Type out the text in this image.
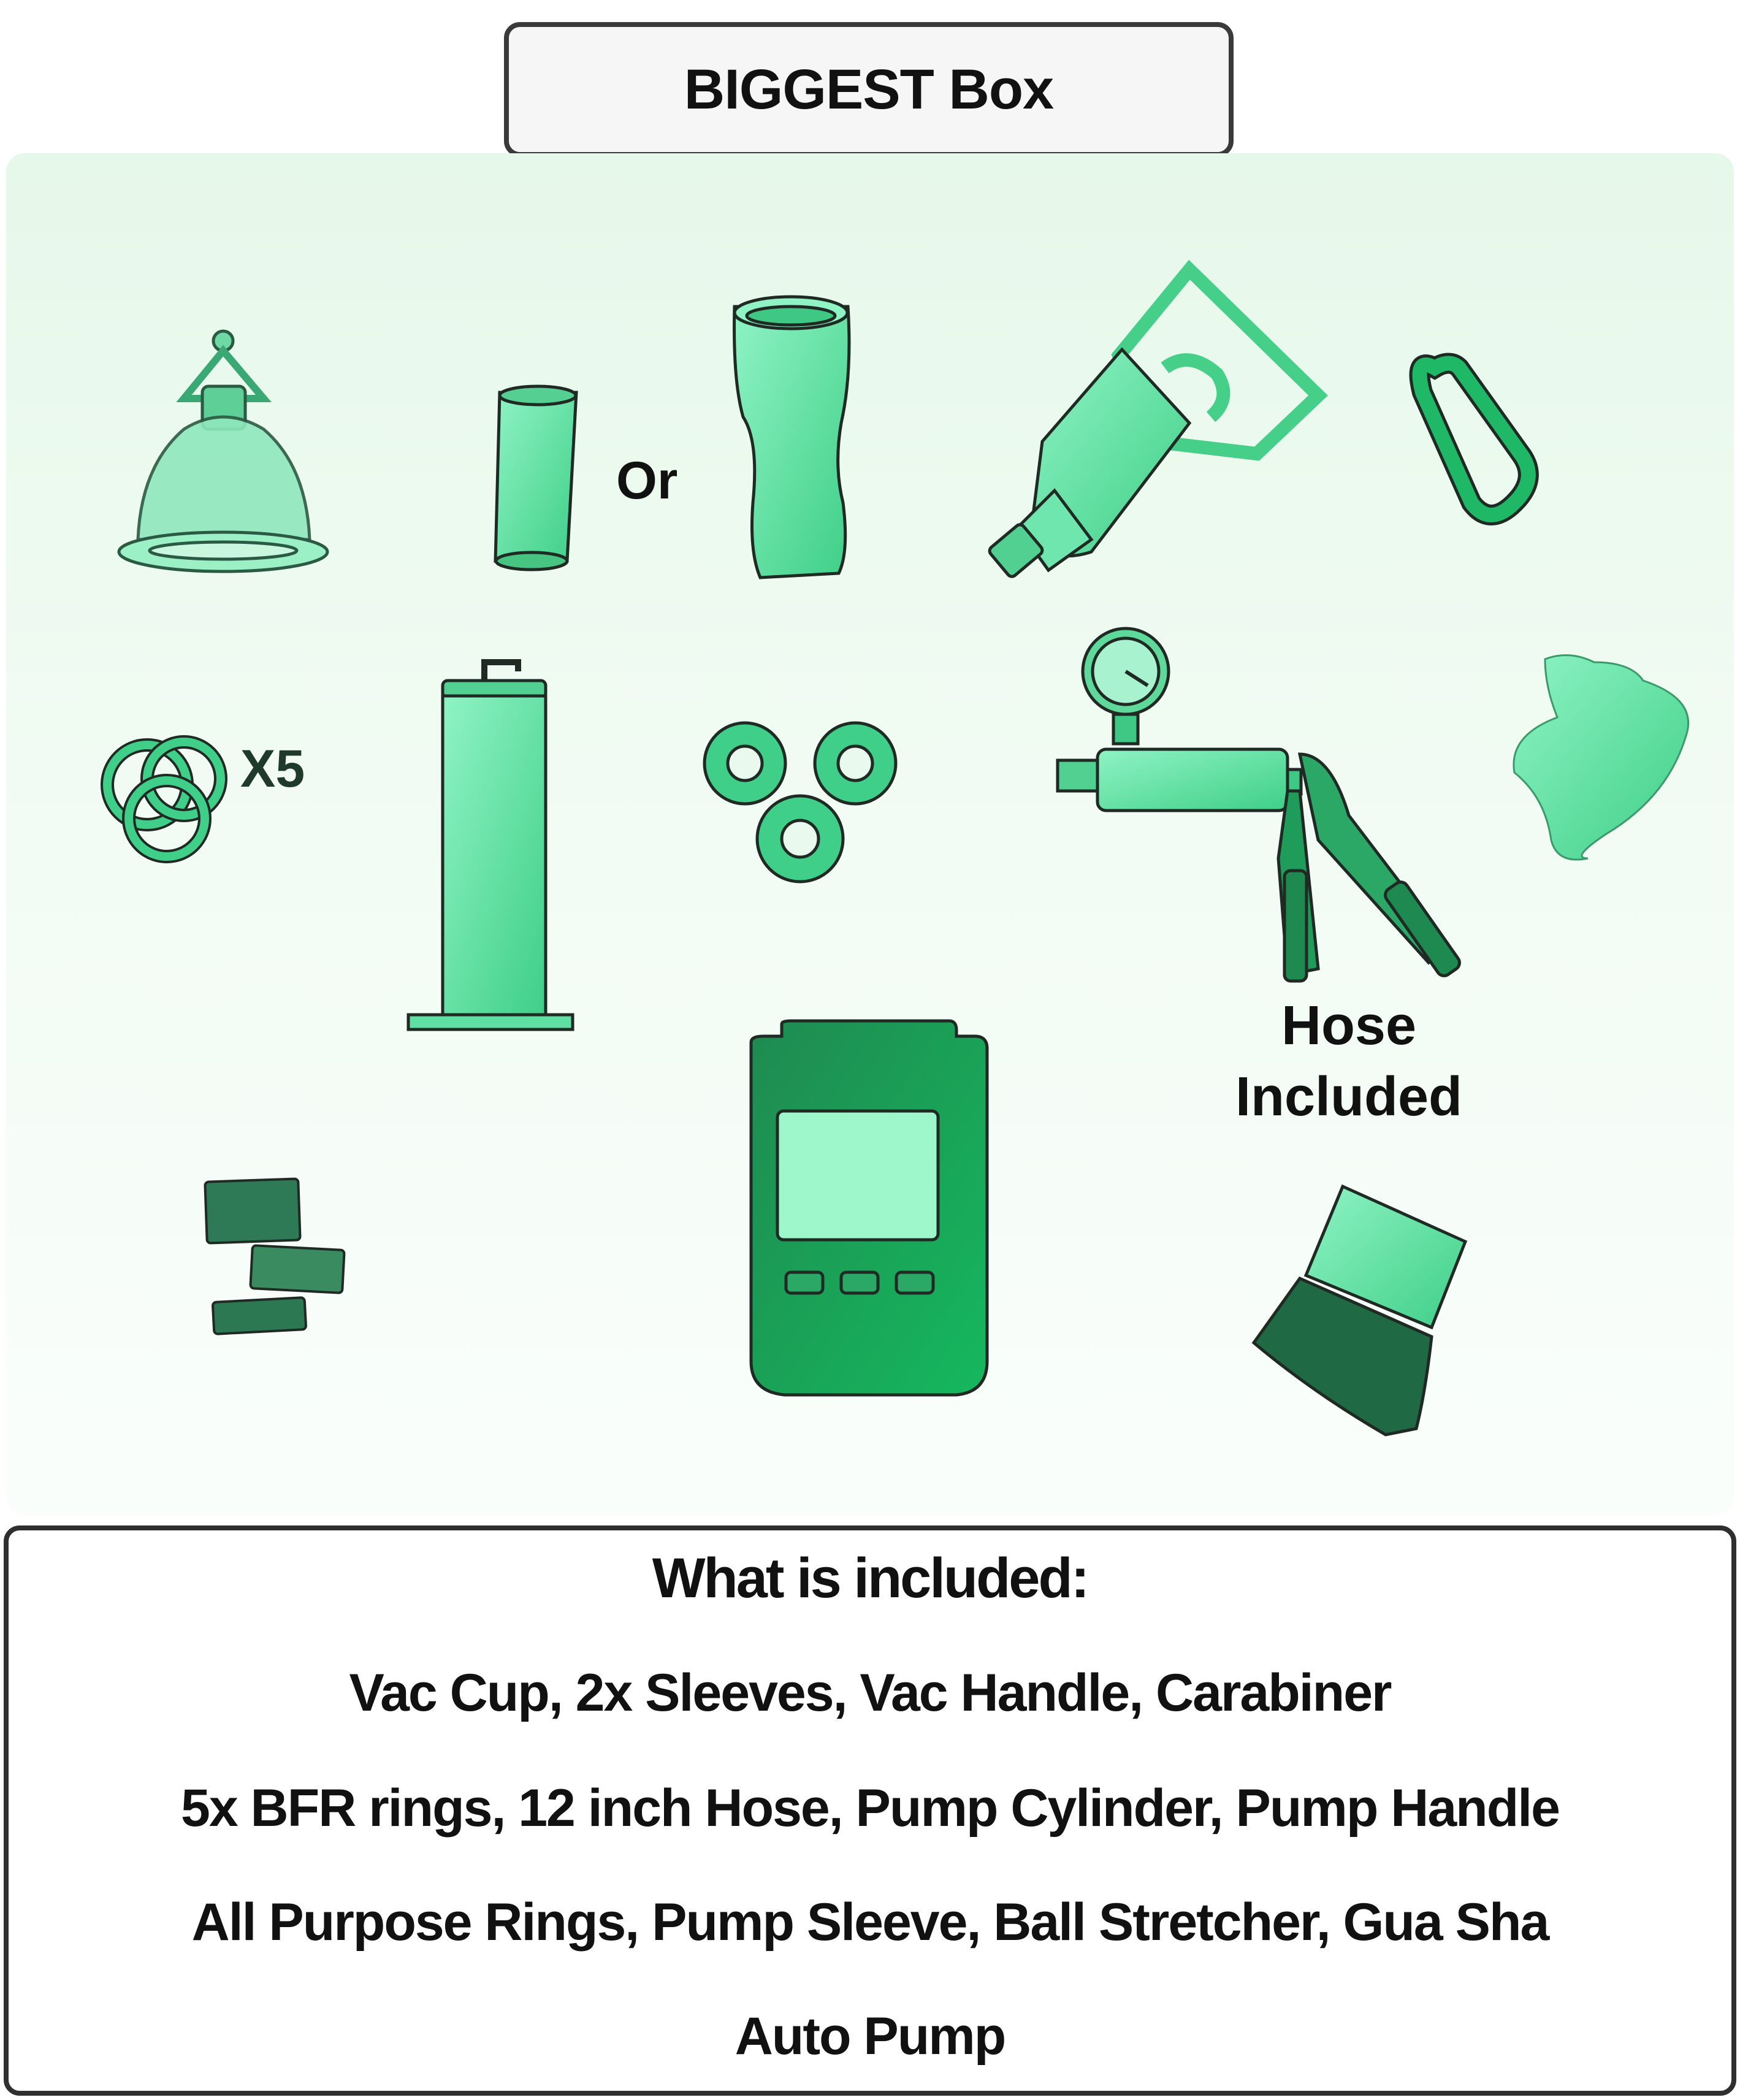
BIGGEST Box
Or
X5
Hose
Included
What is included:
Vac Cup, 2x Sleeves, Vac Handle, Carabiner
5x BFR rings, 12 inch Hose, Pump Cylinder, Pump Handle
All Purpose Rings, Pump Sleeve, Ball Stretcher, Gua Sha
Auto Pump
